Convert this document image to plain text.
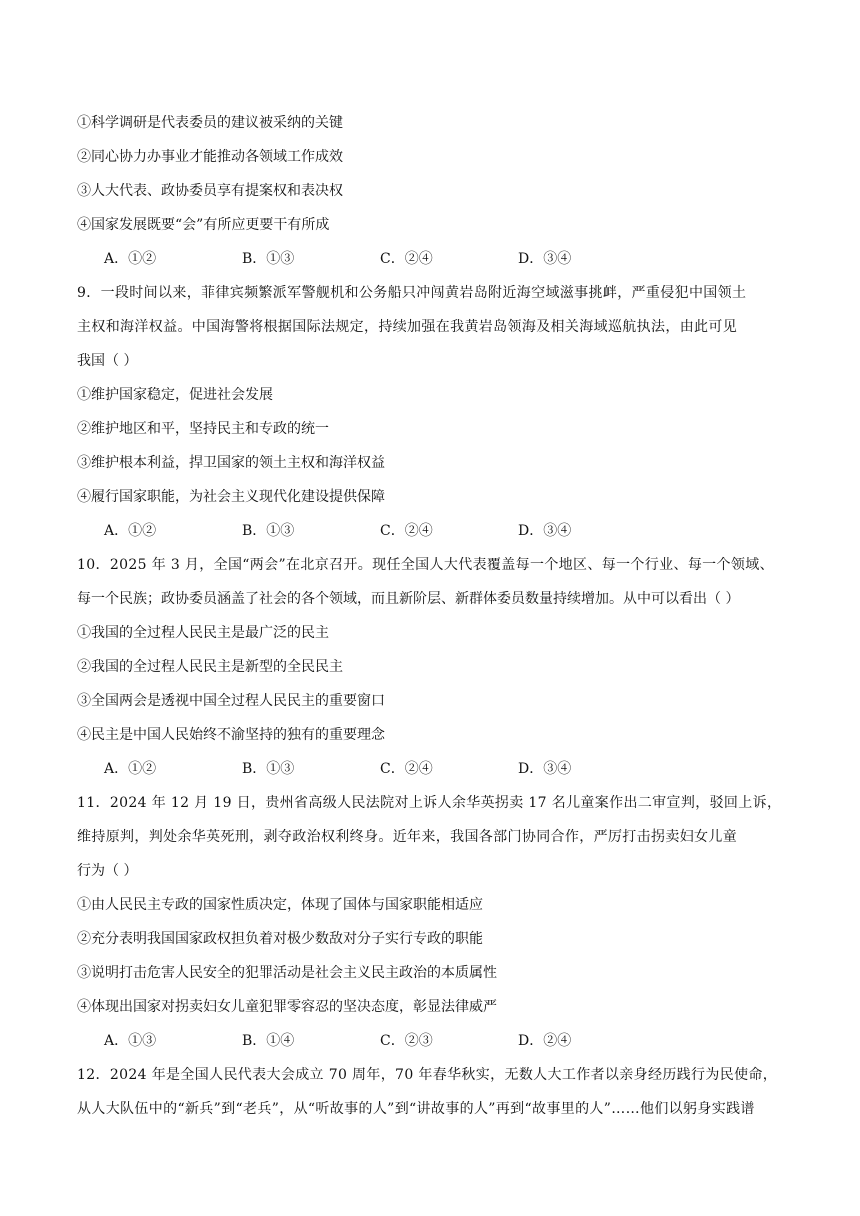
①科学调研是代表委员的建议被采纳的关键
②同心协力办事业才能推动各领域工作成效
③人大代表、政协委员享有提案权和表决权
④国家发展既要“会”有所应更要干有所成
A．①②	B．①③	C．②④	D．③④
9．一段时间以来，菲律宾频繁派军警舰机和公务船只冲闯黄岩岛附近海空域滋事挑衅，严重侵犯中国领土
主权和海洋权益。中国海警将根据国际法规定，持续加强在我黄岩岛领海及相关海域巡航执法，由此可见
我国（ ）
①维护国家稳定，促进社会发展
②维护地区和平，坚持民主和专政的统一
③维护根本利益，捍卫国家的领土主权和海洋权益
④履行国家职能，为社会主义现代化建设提供保障
A．①②	B．①③	C．②④	D．③④
10．2025 年 3 月，全国“两会”在北京召开。现任全国人大代表覆盖每一个地区、每一个行业、每一个领域、
每一个民族；政协委员涵盖了社会的各个领域，而且新阶层、新群体委员数量持续增加。从中可以看出（ ）
①我国的全过程人民民主是最广泛的民主
②我国的全过程人民民主是新型的全民民主
③全国两会是透视中国全过程人民民主的重要窗口
④民主是中国人民始终不渝坚持的独有的重要理念
A．①②	B．①③	C．②④	D．③④
11．2024 年 12 月 19 日，贵州省高级人民法院对上诉人余华英拐卖 17 名儿童案作出二审宣判，驳回上诉，
维持原判，判处余华英死刑，剥夺政治权利终身。近年来，我国各部门协同合作，严厉打击拐卖妇女儿童
行为（ ）
①由人民民主专政的国家性质决定，体现了国体与国家职能相适应
②充分表明我国国家政权担负着对极少数敌对分子实行专政的职能
③说明打击危害人民安全的犯罪活动是社会主义民主政治的本质属性
④体现出国家对拐卖妇女儿童犯罪零容忍的坚决态度，彰显法律威严
A．①③	B．①④	C．②③	D．②④
12．2024 年是全国人民代表大会成立 70 周年，70 年春华秋实，无数人大工作者以亲身经历践行为民使命，
从人大队伍中的“新兵”到“老兵”，从“听故事的人”到“讲故事的人”再到“故事里的人”……他们以躬身实践谱
